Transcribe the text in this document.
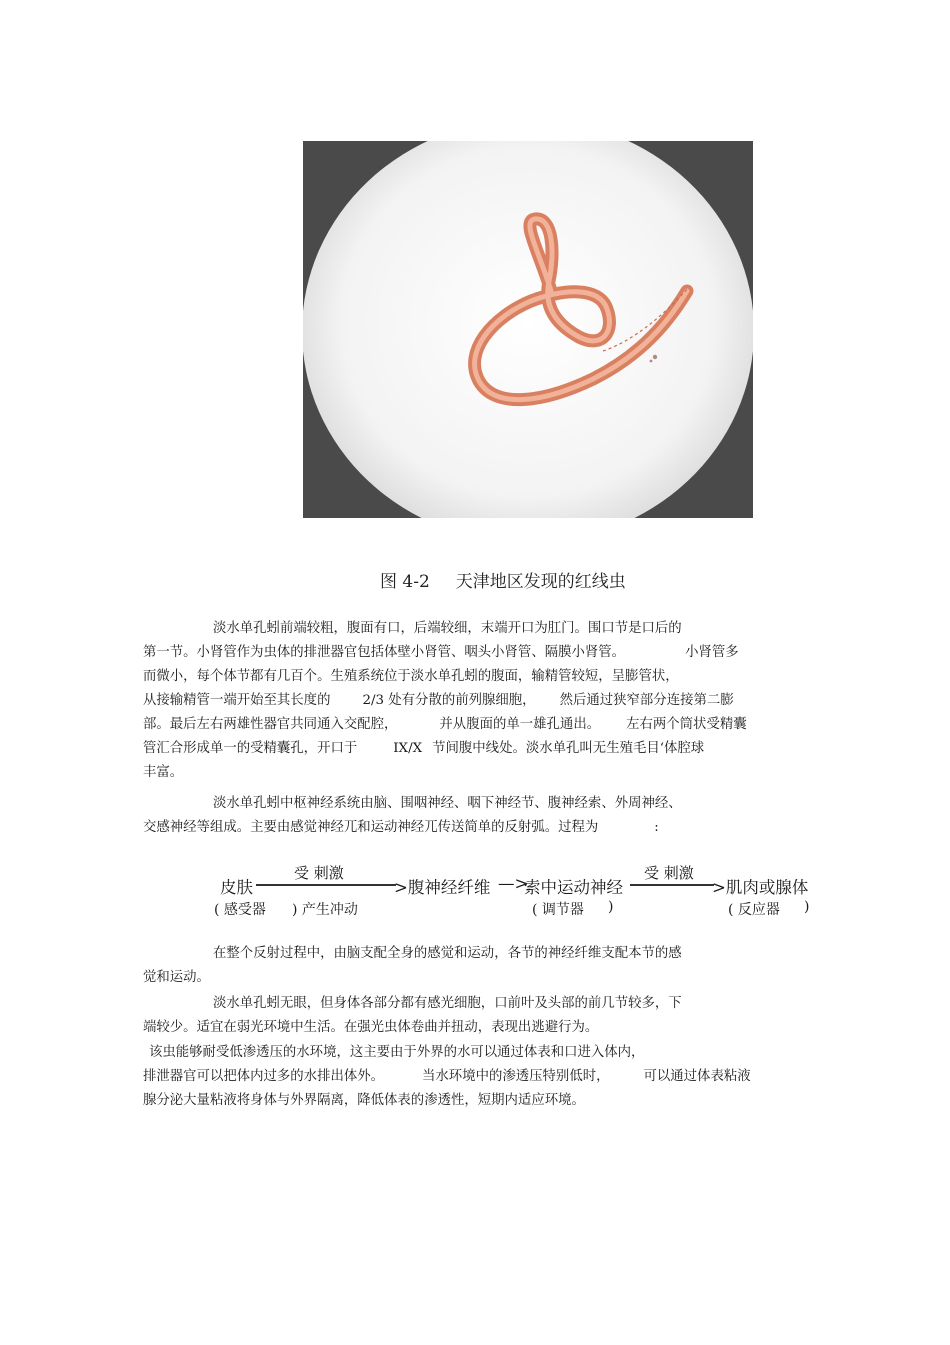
图 4-2 天津地区发现的红线虫
淡水单孔蚓前端较粗，腹面有口，后端较细，末端开口为肛门。围口节是口后的
第一节。小肾管作为虫体的排泄器官包括体壁小肾管、咽头小肾管、隔膜小肾管。	小肾管多
而微小，每个体节都有几百个。生殖系统位于淡水单孔蚓的腹面，输精管较短，呈膨管状，
从接输精管一端开始至其长度的 2/3 处有分散的前列腺细胞， 然后通过狭窄部分连接第二膨
部。最后左右两雄性器官共同通入交配腔，	并从腹面的单一雄孔通出。 左右两个筒状受精囊
管汇合形成单一的受精囊孔，开口于	IX/X 节间腹中线处。淡水单孔叫无生殖毛目‘体腔球
丰富。
淡水单孔蚓中枢神经系统由脑、围咽神经、咽下神经节、腹神经索、外周神经、
交感神经等组成。主要由感觉神经兀和运动神经兀传送简单的反射弧。过程为	:
皮肤
受 刺激
>腹神经纤维 —>
索中运动神经
受 刺激
>肌肉或腺体
( 感受器 ) 产生冲动	( 调节器 )	( 反应器 )
在整个反射过程中，由脑支配全身的感觉和运动，各节的神经纤维支配本节的感
觉和运动。
淡水单孔蚓无眼，但身体各部分都有感光细胞，口前叶及头部的前几节较多，下
端较少。适宜在弱光环境中生活。在强光虫体卷曲并扭动，表现出逃避行为。
该虫能够耐受低渗透压的水环境，这主要由于外界的水可以通过体表和口进入体内，
排泄器官可以把体内过多的水排出体外。	当水环境中的渗透压特别低时，	可以通过体表粘液
腺分泌大量粘液将身体与外界隔离，降低体表的渗透性，短期内适应环境。
